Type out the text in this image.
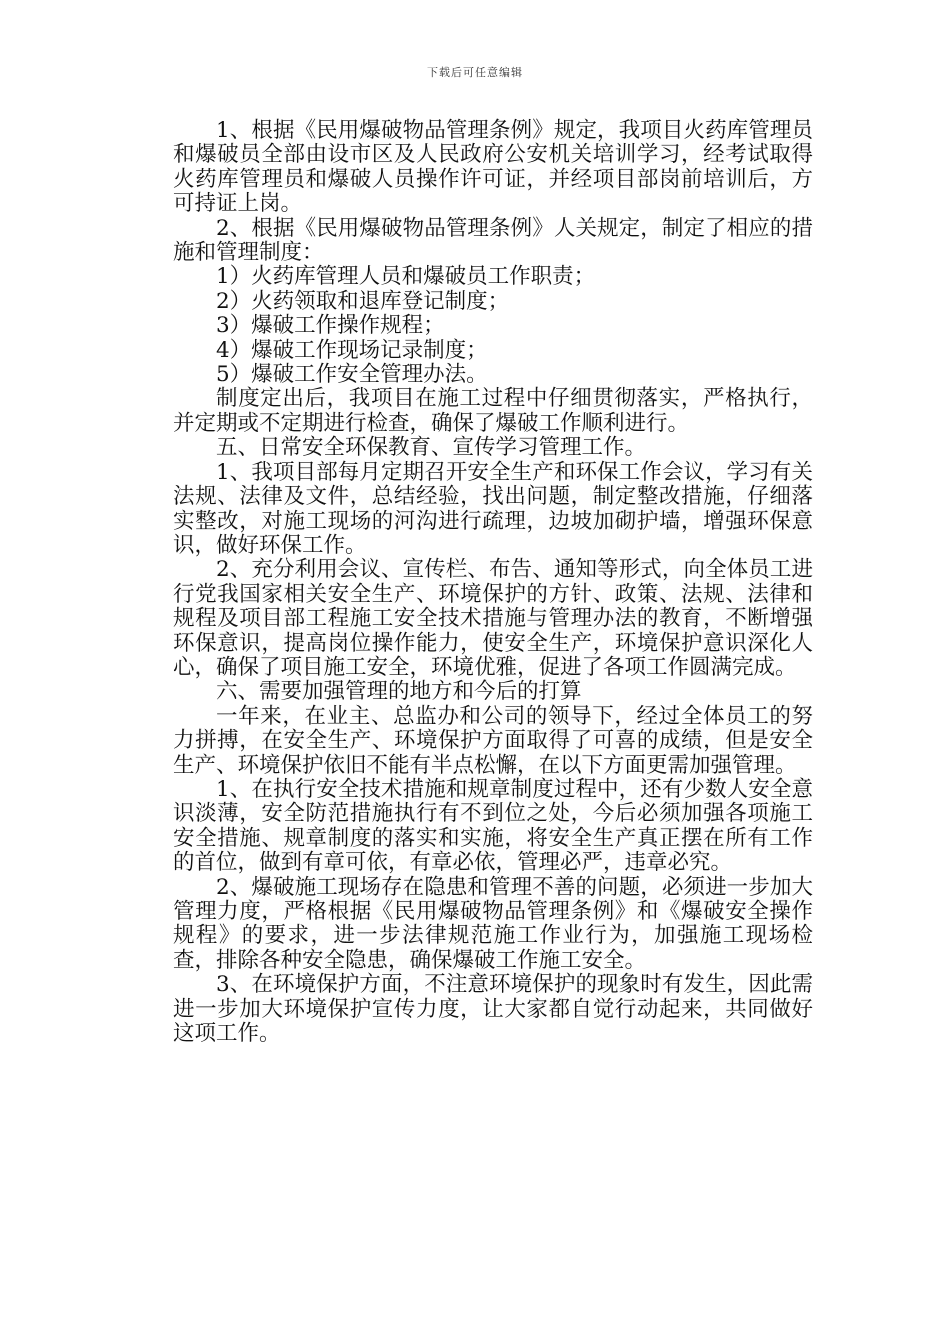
下载后可任意编辑

1、根据《民用爆破物品管理条例》规定，我项目火药库管理员和爆破员全部由设市区及人民政府公安机关培训学习，经考试取得火药库管理员和爆破人员操作许可证，并经项目部岗前培训后，方可持证上岗。

2、根据《民用爆破物品管理条例》人关规定，制定了相应的措施和管理制度：

1）火药库管理人员和爆破员工作职责；

2）火药领取和退库登记制度；

3）爆破工作操作规程；

4）爆破工作现场记录制度；

5）爆破工作安全管理办法。

制度定出后，我项目在施工过程中仔细贯彻落实，严格执行，并定期或不定期进行检查，确保了爆破工作顺利进行。

五、日常安全环保教育、宣传学习管理工作。

1、我项目部每月定期召开安全生产和环保工作会议，学习有关法规、法律及文件，总结经验，找出问题，制定整改措施，仔细落实整改，对施工现场的河沟进行疏理，边坡加砌护墙，增强环保意识，做好环保工作。

2、充分利用会议、宣传栏、布告、通知等形式，向全体员工进行党我国家相关安全生产、环境保护的方针、政策、法规、法律和规程及项目部工程施工安全技术措施与管理办法的教育，不断增强环保意识，提高岗位操作能力，使安全生产，环境保护意识深化人心，确保了项目施工安全，环境优雅，促进了各项工作圆满完成。

六、需要加强管理的地方和今后的打算

一年来，在业主、总监办和公司的领导下，经过全体员工的努力拼搏，在安全生产、环境保护方面取得了可喜的成绩，但是安全生产、环境保护依旧不能有半点松懈，在以下方面更需加强管理。

1、在执行安全技术措施和规章制度过程中，还有少数人安全意识淡薄，安全防范措施执行有不到位之处，今后必须加强各项施工安全措施、规章制度的落实和实施，将安全生产真正摆在所有工作的首位，做到有章可依，有章必依，管理必严，违章必究。

2、爆破施工现场存在隐患和管理不善的问题，必须进一步加大管理力度，严格根据《民用爆破物品管理条例》和《爆破安全操作规程》的要求，进一步法律规范施工作业行为，加强施工现场检查，排除各种安全隐患，确保爆破工作施工安全。

3、在环境保护方面，不注意环境保护的现象时有发生，因此需进一步加大环境保护宣传力度，让大家都自觉行动起来，共同做好这项工作。
